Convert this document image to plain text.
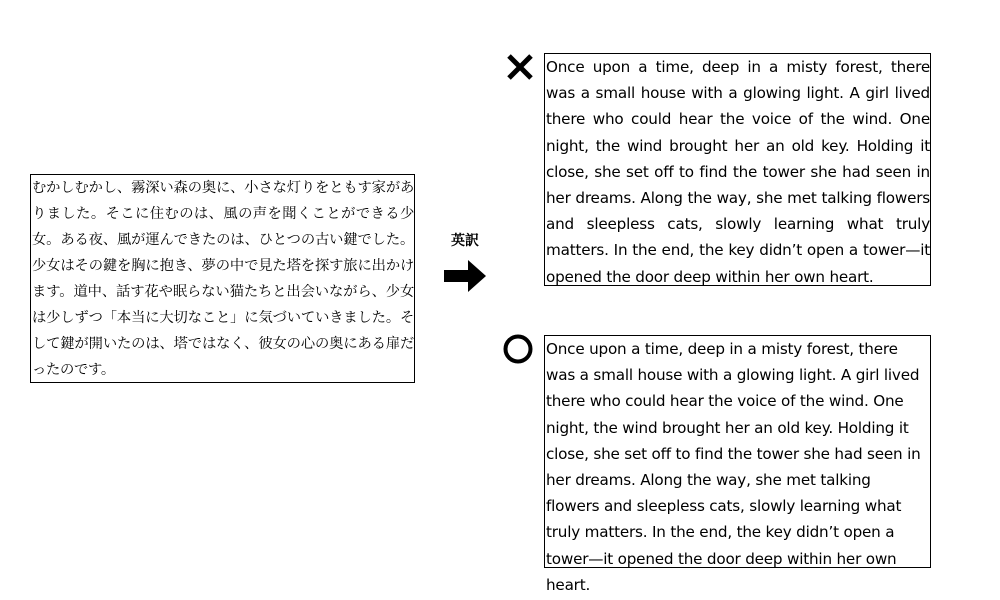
むかしむかし、霧深い森の奥に、小さな灯りをともす家がありました。そこに住むのは、風の声を聞くことができる少女。ある夜、風が運んできたのは、ひとつの古い鍵でした。少女はその鍵を胸に抱き、夢の中で見た塔を探す旅に出かけます。道中、話す花や眠らない猫たちと出会いながら、少女は少しずつ「本当に大切なこと」に気づいていきました。そして鍵が開いたのは、塔ではなく、彼女の心の奥にある扉だったのです。

英訳

Once upon a time, deep in a misty forest, there was a small house with a glowing light. A girl lived there who could hear the voice of the wind. One night, the wind brought her an old key. Holding it close, she set off to find the tower she had seen in her dreams. Along the way, she met talking flowers and sleepless cats, slowly learning what truly matters. In the end, the key didn’t open a tower—it opened the door deep within her own heart.

Once upon a time, deep in a misty forest, there was a small house with a glowing light. A girl lived there who could hear the voice of the wind. One night, the wind brought her an old key. Holding it close, she set off to find the tower she had seen in her dreams. Along the way, she met talking flowers and sleepless cats, slowly learning what truly matters. In the end, the key didn’t open a tower—it opened the door deep within her own heart.
